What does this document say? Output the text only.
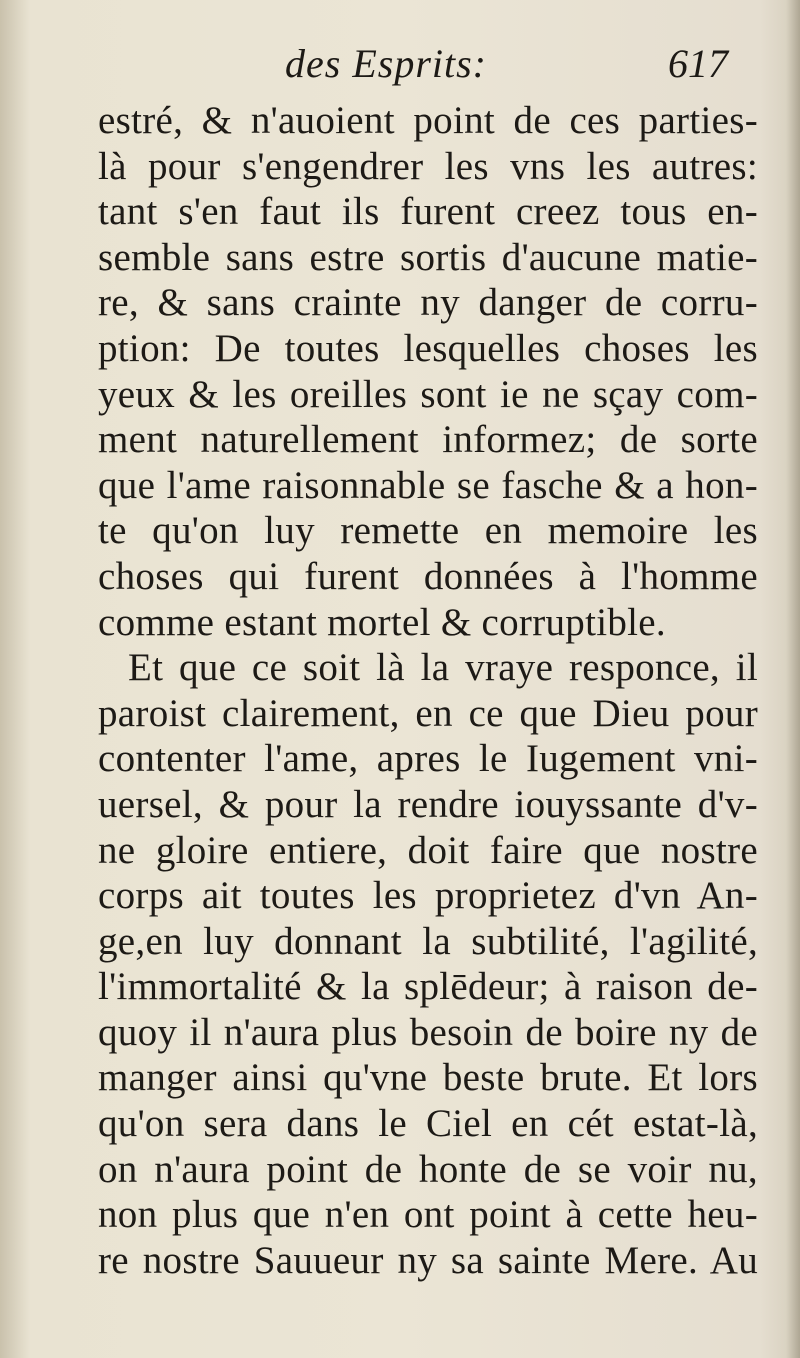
des Esprits:	617
estré, & n'auoient point de ces parties-
là pour s'engendrer les vns les autres:
tant s'en faut ils furent creez tous en-
semble sans estre sortis d'aucune matie-
re, & sans crainte ny danger de corru-
ption: De toutes lesquelles choses les
yeux & les oreilles sont ie ne sçay com-
ment naturellement informez; de sorte
que l'ame raisonnable se fasche & a hon-
te qu'on luy remette en memoire les
choses qui furent données à l'homme
comme estant mortel & corruptible.
Et que ce soit là la vraye responce, il
paroist clairement, en ce que Dieu pour
contenter l'ame, apres le Iugement vni-
uersel, & pour la rendre iouyssante d'v-
ne gloire entiere, doit faire que nostre
corps ait toutes les proprietez d'vn An-
ge,en luy donnant la subtilité, l'agilité,
l'immortalité & la splēdeur; à raison de-
quoy il n'aura plus besoin de boire ny de
manger ainsi qu'vne beste brute. Et lors
qu'on sera dans le Ciel en cét estat-là,
on n'aura point de honte de se voir nu,
non plus que n'en ont point à cette heu-
re nostre Sauueur ny sa sainte Mere. Au
